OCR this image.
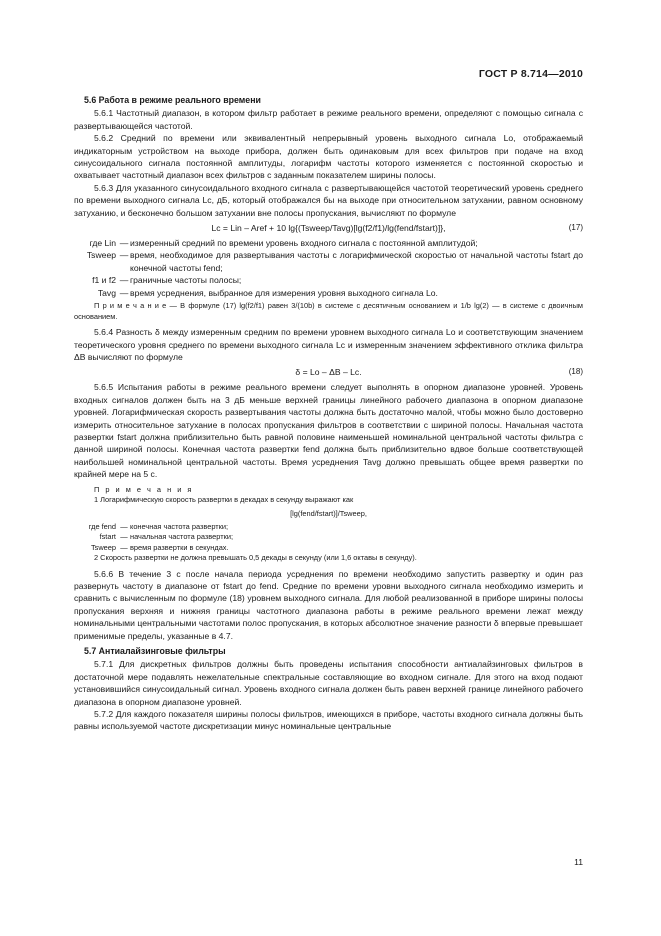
ГОСТ Р 8.714—2010
5.6 Работа в режиме реального времени

5.6.1 Частотный диапазон, в котором фильтр работает в режиме реального времени, определяют с помощью сигнала с развертывающейся частотой.

5.6.2 Средний по времени или эквивалентный непрерывный уровень выходного сигнала Lо, отображаемый индикаторным устройством на выходе прибора, должен быть одинаковым для всех фильтров при подаче на вход синусоидального сигнала постоянной амплитуды, логарифм частоты которого изменяется с постоянной скоростью и охватывает частотный диапазон всех фильтров с заданным показателем ширины полосы.

5.6.3 Для указанного синусоидального входного сигнала с развертывающейся частотой теоретический уровень среднего по времени выходного сигнала Lс, дБ, который отображался бы на выходе при относительном затухании, равном основному затуханию, и бесконечно большом затухании вне полосы пропускания, вычисляют по формуле

Lс = Lin – Aref + 10 lg{(Tsweep/Tavg)[lg(f2/f1)/lg(fend/fstart)]},	(17)
где Lin — измеренный средний по времени уровень входного сигнала с постоянной амплитудой;
Tsweep — время, необходимое для развертывания частоты с логарифмической скоростью от начальной частоты fstart до конечной частоты fend;
f1 и f2 — граничные частоты полосы;
Tavg — время усреднения, выбранное для измерения уровня выходного сигнала Lо.

П р и м е ч а н и е — В формуле (17) lg(f2/f1) равен 3/(10b) в системе с десятичным основанием и 1/b lg(2) — в системе с двоичным основанием.

5.6.4 Разность δ между измеренным средним по времени уровнем выходного сигнала Lо и соответствующим значением теоретического уровня среднего по времени выходного сигнала Lс и измеренным значением эффективного отклика фильтра ΔB вычисляют по формуле

δ = Lо – ΔB – Lс.	(18)

5.6.5 Испытания работы в режиме реального времени следует выполнять в опорном диапазоне уровней. Уровень входных сигналов должен быть на 3 дБ меньше верхней границы линейного рабочего диапазона в опорном диапазоне уровней. Логарифмическая скорость развертывания частоты должна быть достаточно малой, чтобы можно было достоверно измерить относительное затухание в полосах пропускания фильтров в соответствии с шириной полосы. Начальная частота развертки fstart должна приблизительно быть равной половине наименьшей номинальной центральной частоты фильтра с данной шириной полосы. Конечная частота развертки fend должна быть приблизительно вдвое больше соответствующей наибольшей номинальной центральной частоты. Время усреднения Tavg должно превышать общее время развертки по крайней мере на 5 с.

П р и м е ч а н и я

1 Логарифмическую скорость развертки в декадах в секунду выражают как

[lg(fend/fstart)]/Tsweep,
где fend — конечная частота развертки;
fstart — начальная частота развертки;
Tsweep — время развертки в секундах.

2 Скорость развертки не должна превышать 0,5 декады в секунду (или 1,6 октавы в секунду).

5.6.6 В течение 3 с после начала периода усреднения по времени необходимо запустить развертку и один раз развернуть частоту в диапазоне от fstart до fend. Средние по времени уровни выходного сигнала необходимо измерить и сравнить с вычисленным по формуле (18) уровнем выходного сигнала. Для любой реализованной в приборе ширины полосы пропускания верхняя и нижняя границы частотного диапазона работы в режиме реального времени лежат между номинальными центральными частотами полос пропускания, в которых абсолютное значение разности δ впервые превышает применимые пределы, указанные в 4.7.

5.7 Антиалайзинговые фильтры

5.7.1 Для дискретных фильтров должны быть проведены испытания способности антиалайзинговых фильтров в достаточной мере подавлять нежелательные спектральные составляющие во входном сигнале. Для этого на вход подают установившийся синусоидальный сигнал. Уровень входного сигнала должен быть равен верхней границе линейного рабочего диапазона в опорном диапазоне уровней.

5.7.2 Для каждого показателя ширины полосы фильтров, имеющихся в приборе, частоты входного сигнала должны быть равны используемой частоте дискретизации минус номинальные центральные

11
